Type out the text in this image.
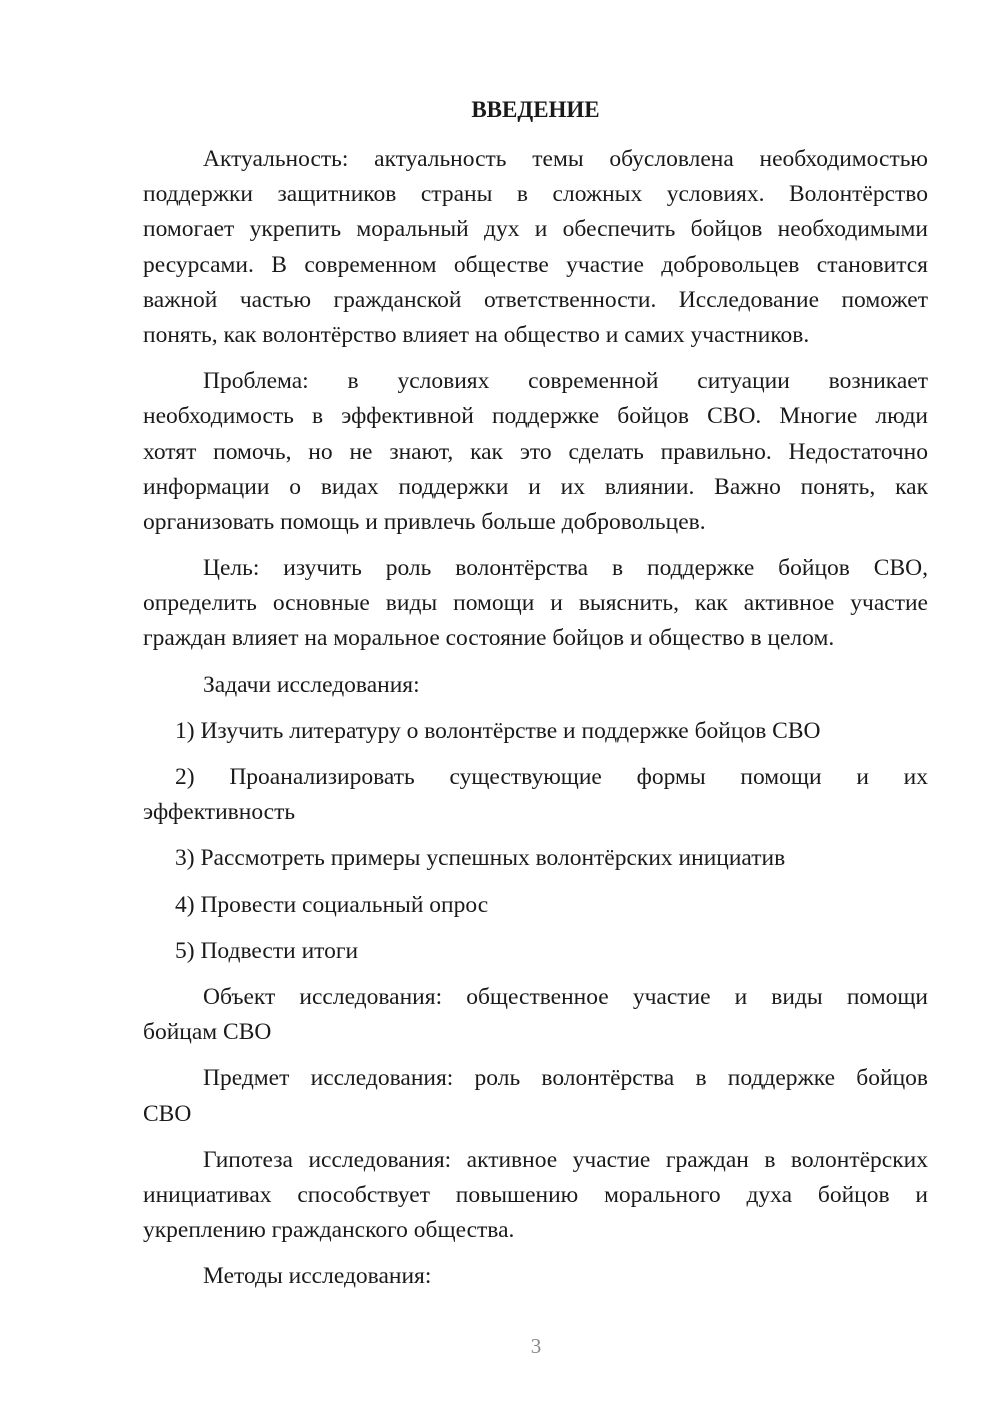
ВВЕДЕНИЕ
Актуальность: актуальность темы обусловлена необходимостью
поддержки защитников страны в сложных условиях. Волонтёрство
помогает укрепить моральный дух и обеспечить бойцов необходимыми
ресурсами. В современном обществе участие добровольцев становится
важной частью гражданской ответственности. Исследование поможет
понять, как волонтёрство влияет на общество и самих участников.
Проблема: в условиях современной ситуации возникает
необходимость в эффективной поддержке бойцов СВО. Многие люди
хотят помочь, но не знают, как это сделать правильно. Недостаточно
информации о видах поддержки и их влиянии. Важно понять, как
организовать помощь и привлечь больше добровольцев.
Цель: изучить роль волонтёрства в поддержке бойцов СВО,
определить основные виды помощи и выяснить, как активное участие
граждан влияет на моральное состояние бойцов и общество в целом.
Задачи исследования:
1) Изучить литературу о волонтёрстве и поддержке бойцов СВО
2) Проанализировать существующие формы помощи и их
эффективность
3) Рассмотреть примеры успешных волонтёрских инициатив
4) Провести социальный опрос
5) Подвести итоги
Объект исследования: общественное участие и виды помощи
бойцам СВО
Предмет исследования: роль волонтёрства в поддержке бойцов
СВО
Гипотеза исследования: активное участие граждан в волонтёрских
инициативах способствует повышению морального духа бойцов и
укреплению гражданского общества.
Методы исследования:
3
